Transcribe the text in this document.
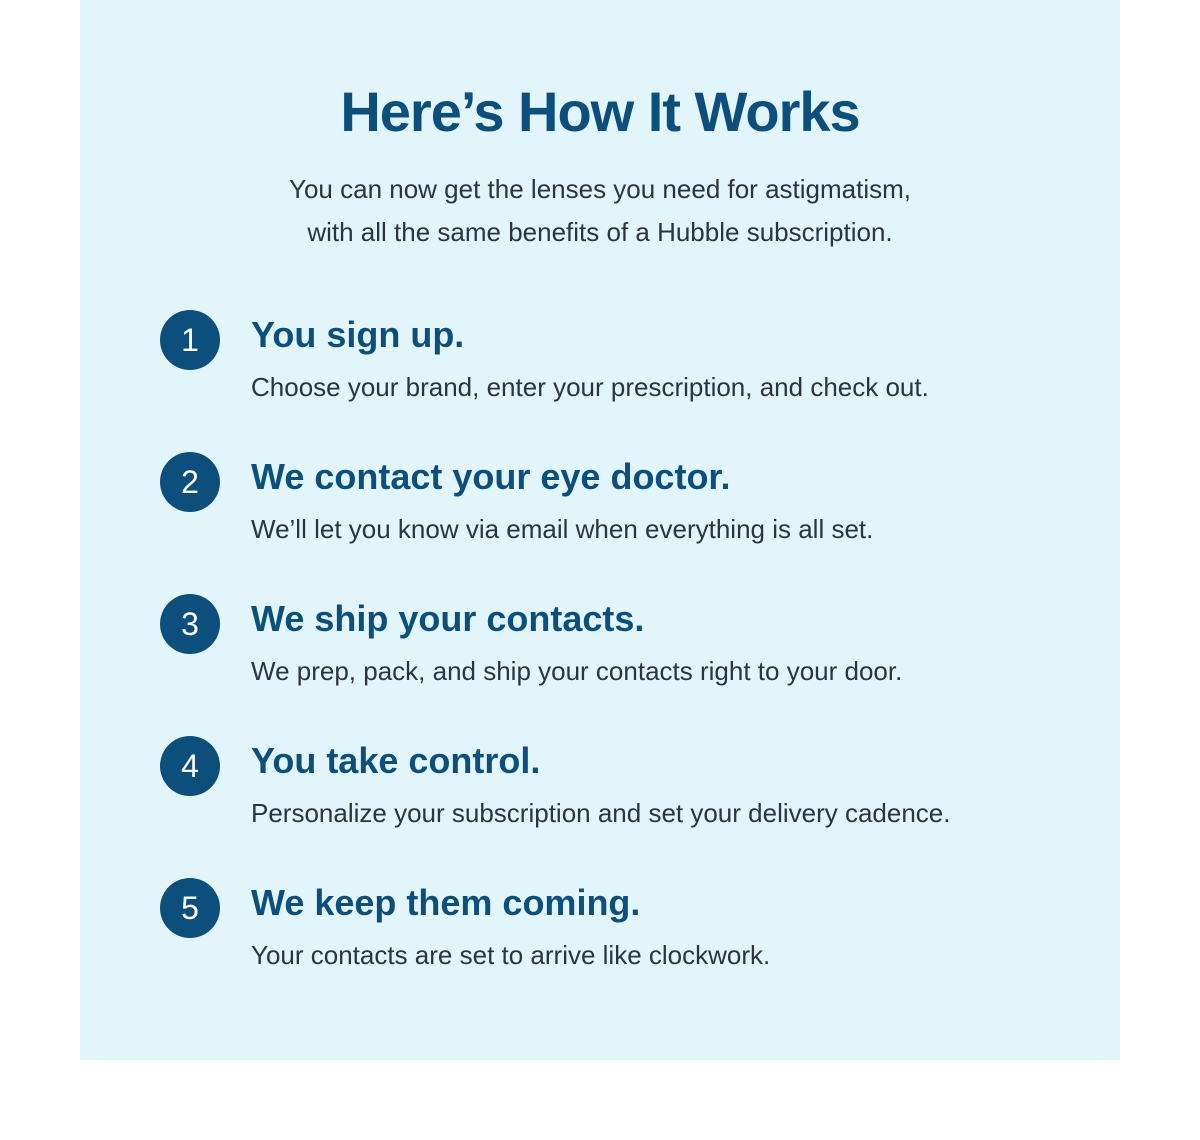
Here’s How It Works

You can now get the lenses you need for astigmatism,
with all the same benefits of a Hubble subscription.

1	You sign up.

Choose your brand, enter your prescription, and check out.

2	We contact your eye doctor.

We’ll let you know via email when everything is all set.

3	We ship your contacts.

We prep, pack, and ship your contacts right to your door.

4	You take control.

Personalize your subscription and set your delivery cadence.

5	We keep them coming.

Your contacts are set to arrive like clockwork.
